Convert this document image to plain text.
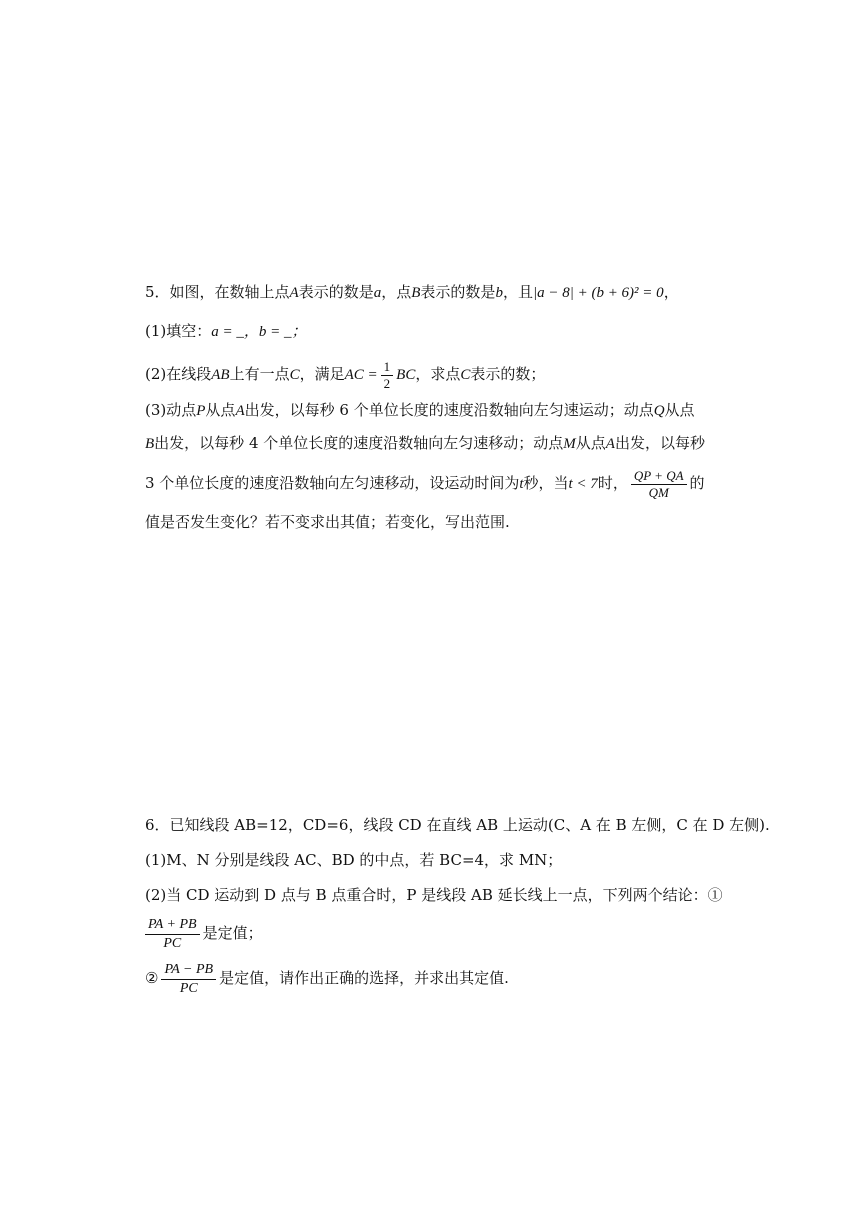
5．如图，在数轴上点A表示的数是a，点B表示的数是b，且|a − 8| + (b + 6)² = 0，
(1)填空：a = _，b = _；
(2)在线段AB上有一点C，满足AC = $\frac{1}{2}$ BC，求点C表示的数；
(3)动点P从点A出发，以每秒 6 个单位长度的速度沿数轴向左匀速运动；动点Q从点
B出发，以每秒 4 个单位长度的速度沿数轴向左匀速移动；动点M从点A出发，以每秒
3 个单位长度的速度沿数轴向左匀速移动，设运动时间为t秒，当t < 7时， $\frac{QP + QA}{QM}$ 的
值是否发生变化？若不变求出其值；若变化，写出范围.
6．已知线段 AB=12，CD=6，线段 CD 在直线 AB 上运动(C、A 在 B 左侧，C 在 D 左侧).
(1)M、N 分别是线段 AC、BD 的中点，若 BC=4，求 MN；
(2)当 CD 运动到 D 点与 B 点重合时，P 是线段 AB 延长线上一点，下列两个结论：①
$\frac{PA + PB}{PC}$ 是定值；
② $\frac{PA - PB}{PC}$ 是定值，请作出正确的选择，并求出其定值.
